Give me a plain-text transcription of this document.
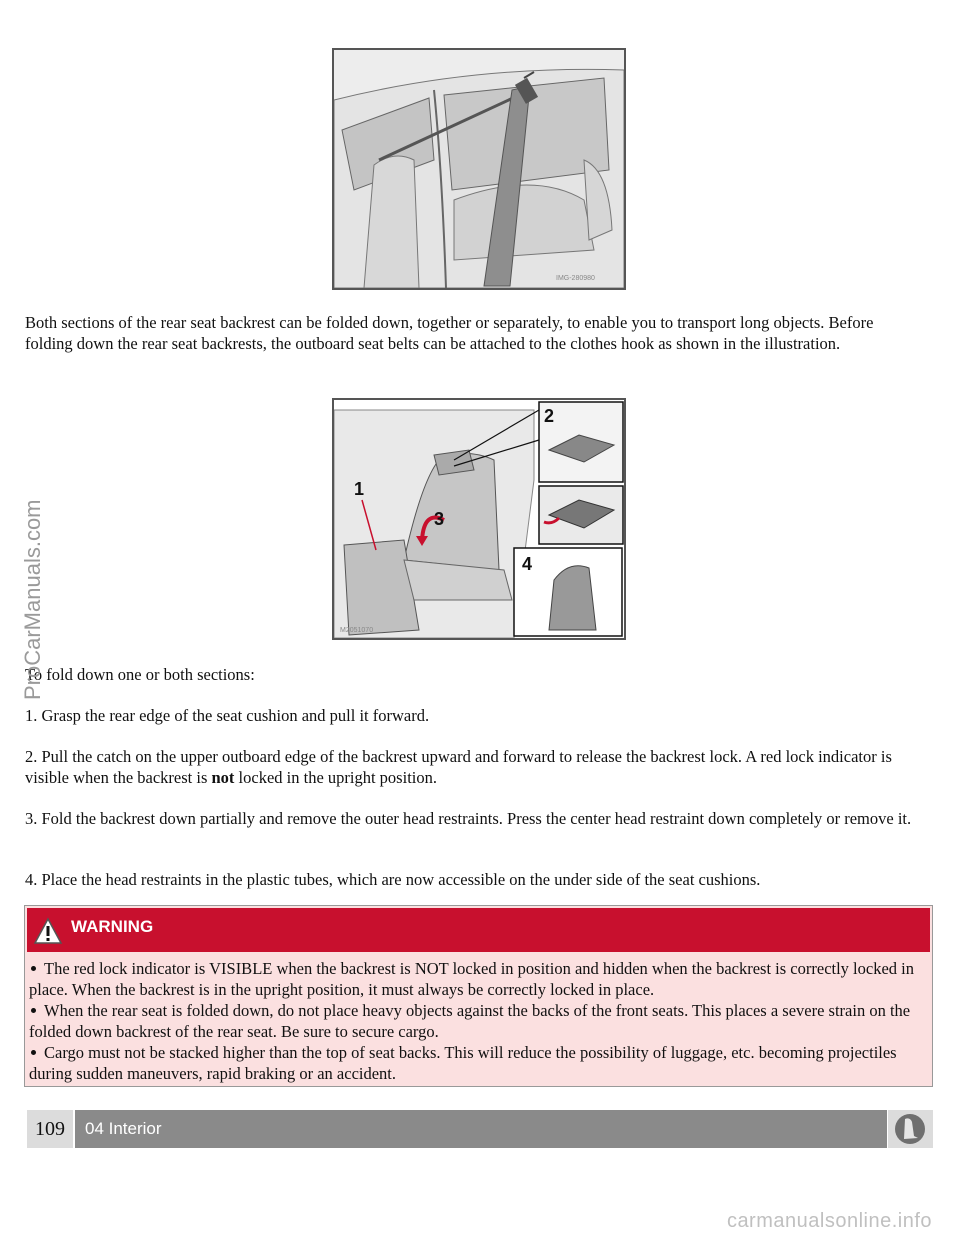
IMG-280980

Both sections of the rear seat backrest can be folded down, together or separately, to enable you to transport long objects. Before folding down the rear seat backrests, the outboard seat belts can be attached to the clothes hook as shown in the illustration.

3
1
2
4
M2051070

To fold down one or both sections:

1. Grasp the rear edge of the seat cushion and pull it forward.

2. Pull the catch on the upper outboard edge of the backrest upward and forward to release the backrest lock. A red lock indicator is visible when the backrest is not locked in the upright position.

3. Fold the backrest down partially and remove the outer head restraints. Press the center head restraint down completely or remove it.

4. Place the head restraints in the plastic tubes, which are now accessible on the under side of the seat cushions.

WARNING
The red lock indicator is VISIBLE when the backrest is NOT locked in position and hidden when the backrest is correctly locked in place. When the backrest is in the upright position, it must always be correctly locked in place.
When the rear seat is folded down, do not place heavy objects against the backs of the front seats. This places a severe strain on the folded down backrest of the rear seat. Be sure to secure cargo.
Cargo must not be stacked higher than the top of seat backs. This will reduce the possibility of luggage, etc. becoming projectiles during sudden maneuvers, rapid braking or an accident.
109	04 Interior
ProCarManuals.com
carmanualsonline.info
